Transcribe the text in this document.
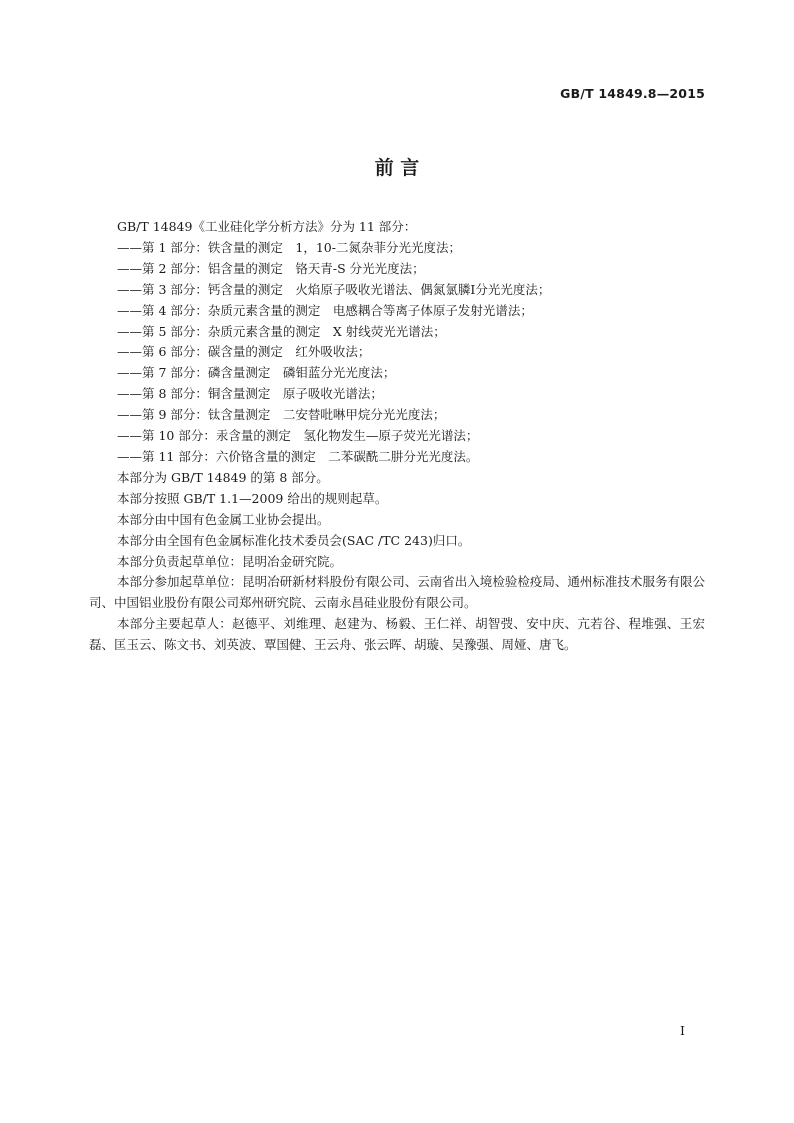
GB/T 14849.8—2015
前 言
GB/T 14849《工业硅化学分析方法》分为 11 部分：
——第 1 部分：铁含量的测定　1，10-二氮杂菲分光光度法；
——第 2 部分：铝含量的测定　铬天青-S 分光光度法；
——第 3 部分：钙含量的测定　火焰原子吸收光谱法、偶氮氯膦Ⅰ分光光度法；
——第 4 部分：杂质元素含量的测定　电感耦合等离子体原子发射光谱法；
——第 5 部分：杂质元素含量的测定　X 射线荧光光谱法；
——第 6 部分：碳含量的测定　红外吸收法；
——第 7 部分：磷含量测定　磷钼蓝分光光度法；
——第 8 部分：铜含量测定　原子吸收光谱法；
——第 9 部分：钛含量测定　二安替吡啉甲烷分光光度法；
——第 10 部分：汞含量的测定　氢化物发生—原子荧光光谱法；
——第 11 部分：六价铬含量的测定　二苯碳酰二肼分光光度法。
本部分为 GB/T 14849 的第 8 部分。
本部分按照 GB/T 1.1—2009 给出的规则起草。
本部分由中国有色金属工业协会提出。
本部分由全国有色金属标准化技术委员会(SAC /TC 243)归口。
本部分负责起草单位：昆明冶金研究院。
本部分参加起草单位：昆明冶研新材料股份有限公司、云南省出入境检验检疫局、通州标准技术服务有限公司、中国铝业股份有限公司郑州研究院、云南永昌硅业股份有限公司。
本部分主要起草人：赵德平、刘维理、赵建为、杨毅、王仁祥、胡智弢、安中庆、亢若谷、程堆强、王宏磊、匡玉云、陈文书、刘英波、覃国健、王云舟、张云晖、胡璇、吴豫强、周娅、唐飞。
I
